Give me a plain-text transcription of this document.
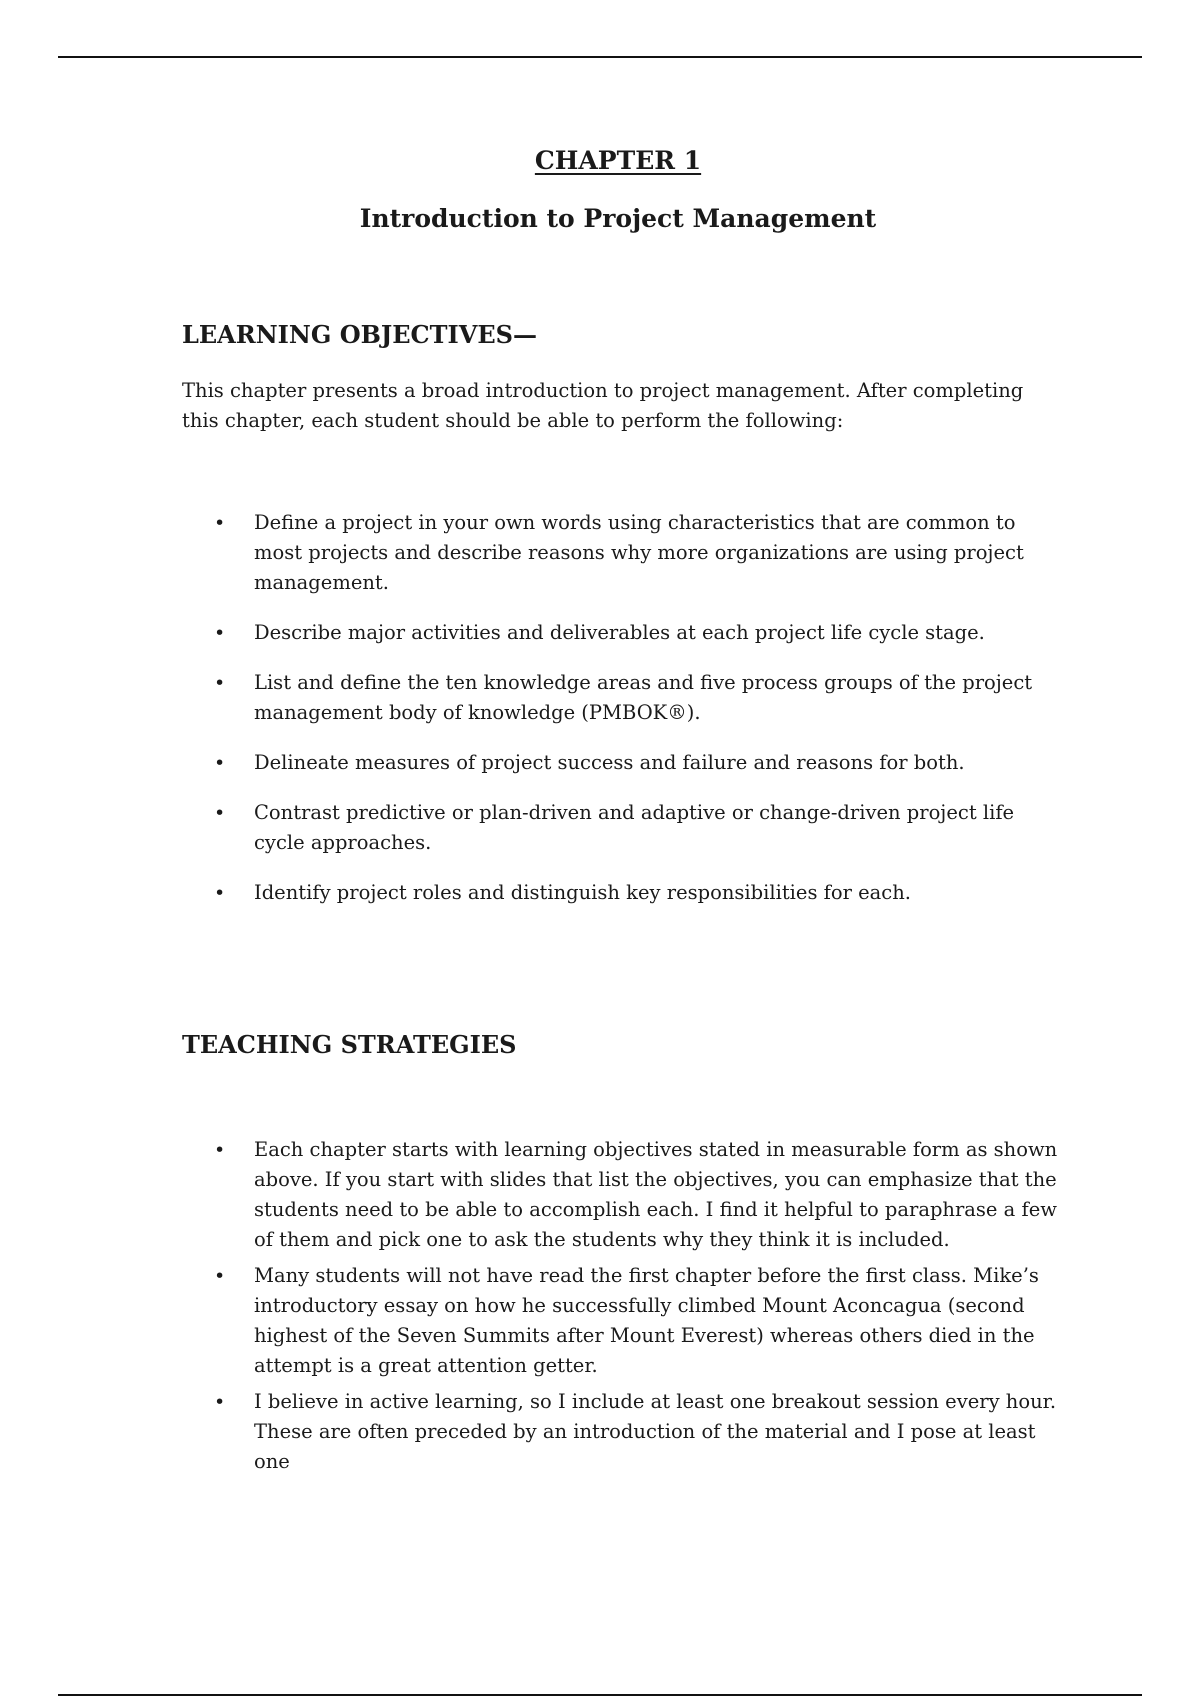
CHAPTER 1
Introduction to Project Management
LEARNING OBJECTIVES—

This chapter presents a broad introduction to project management. After completing this chapter, each student should be able to perform the following:

• Define a project in your own words using characteristics that are common to most projects and describe reasons why more organizations are using project management.
• Describe major activities and deliverables at each project life cycle stage.
• List and define the ten knowledge areas and five process groups of the project management body of knowledge (PMBOK®).
• Delineate measures of project success and failure and reasons for both.
• Contrast predictive or plan-driven and adaptive or change-driven project life cycle approaches.
• Identify project roles and distinguish key responsibilities for each.
TEACHING STRATEGIES
• Each chapter starts with learning objectives stated in measurable form as shown above. If you start with slides that list the objectives, you can emphasize that the students need to be able to accomplish each. I find it helpful to paraphrase a few of them and pick one to ask the students why they think it is included.
• Many students will not have read the first chapter before the first class. Mike’s introductory essay on how he successfully climbed Mount Aconcagua (second highest of the Seven Summits after Mount Everest) whereas others died in the attempt is a great attention getter.
• I believe in active learning, so I include at least one breakout session every hour. These are often preceded by an introduction of the material and I pose at least one
